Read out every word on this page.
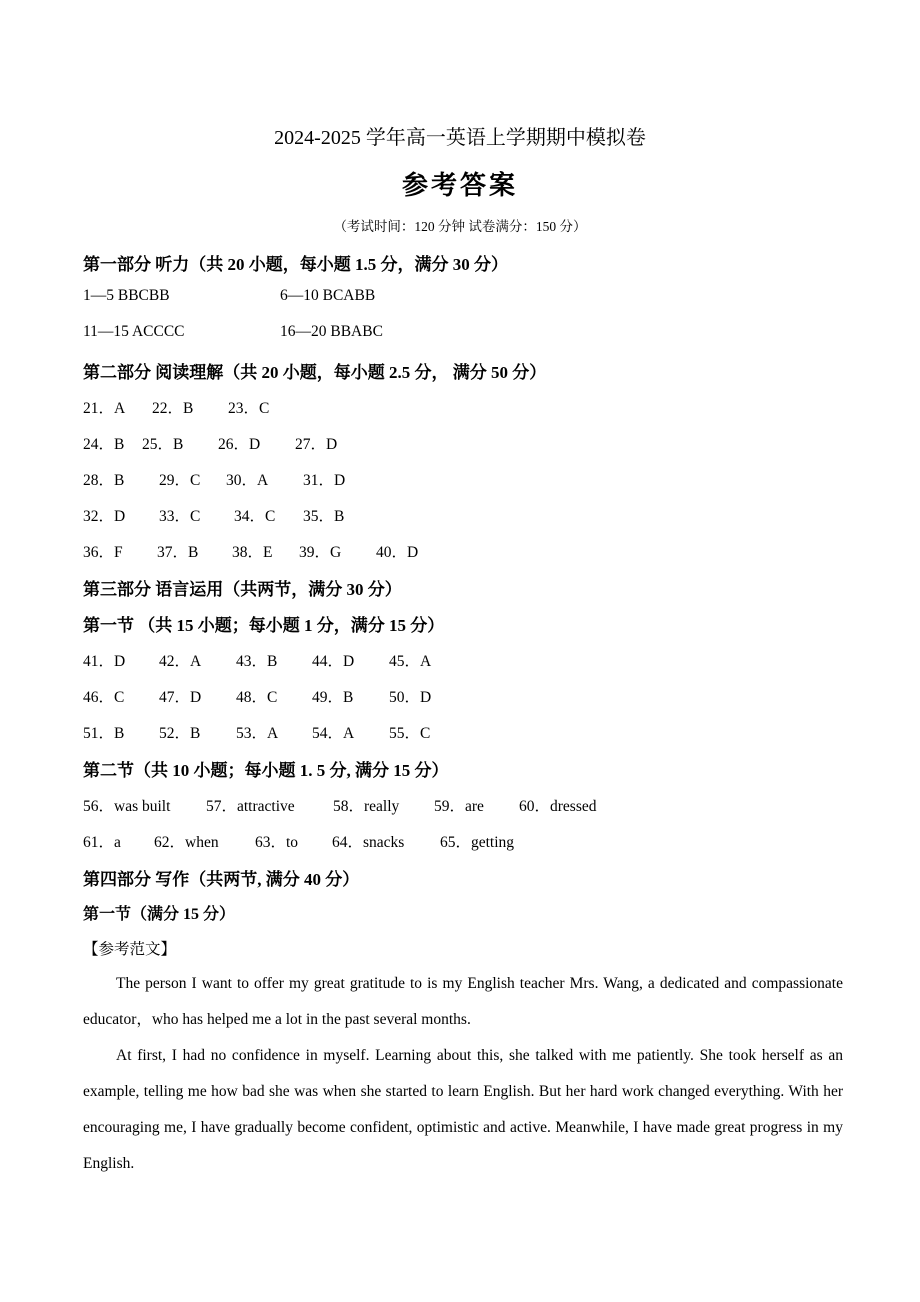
2024-2025 学年高一英语上学期期中模拟卷
参考答案
（考试时间：120 分钟 试卷满分：150 分）
第一部分 听力（共 20 小题，每小题 1.5 分，满分 30 分）
1—5 BBCBB	6—10 BCABB
11—15 ACCCC	16—20 BBABC
第二部分 阅读理解（共 20 小题，每小题 2.5 分， 满分 50 分）
21．A 22．B 23．C
24．B 25．B 26．D 27．D
28．B 29．C 30．A 31．D
32．D 33．C 34．C 35．B
36．F 37．B 38．E 39．G 40．D
第三部分 语言运用（共两节，满分 30 分）
第一节 （共 15 小题；每小题 1 分，满分 15 分）
41．D 42．A 43．B 44．D 45．A
46．C 47．D 48．C 49．B 50．D
51．B 52．B 53．A 54．A 55．C
第二节（共 10 小题；每小题 1. 5 分, 满分 15 分）
56．was built 57．attractive 58．really 59．are 60．dressed
61．a 62．when 63．to 64．snacks 65．getting
第四部分 写作（共两节, 满分 40 分）
第一节（满分 15 分）
【参考范文】
The person I want to offer my great gratitude to is my English teacher Mrs. Wang, a dedicated and compassionate educator，who has helped me a lot in the past several months.
At first, I had no confidence in myself. Learning about this, she talked with me patiently. She took herself as an example, telling me how bad she was when she started to learn English. But her hard work changed everything. With her encouraging me, I have gradually become confident, optimistic and active. Meanwhile, I have made great progress in my English.
